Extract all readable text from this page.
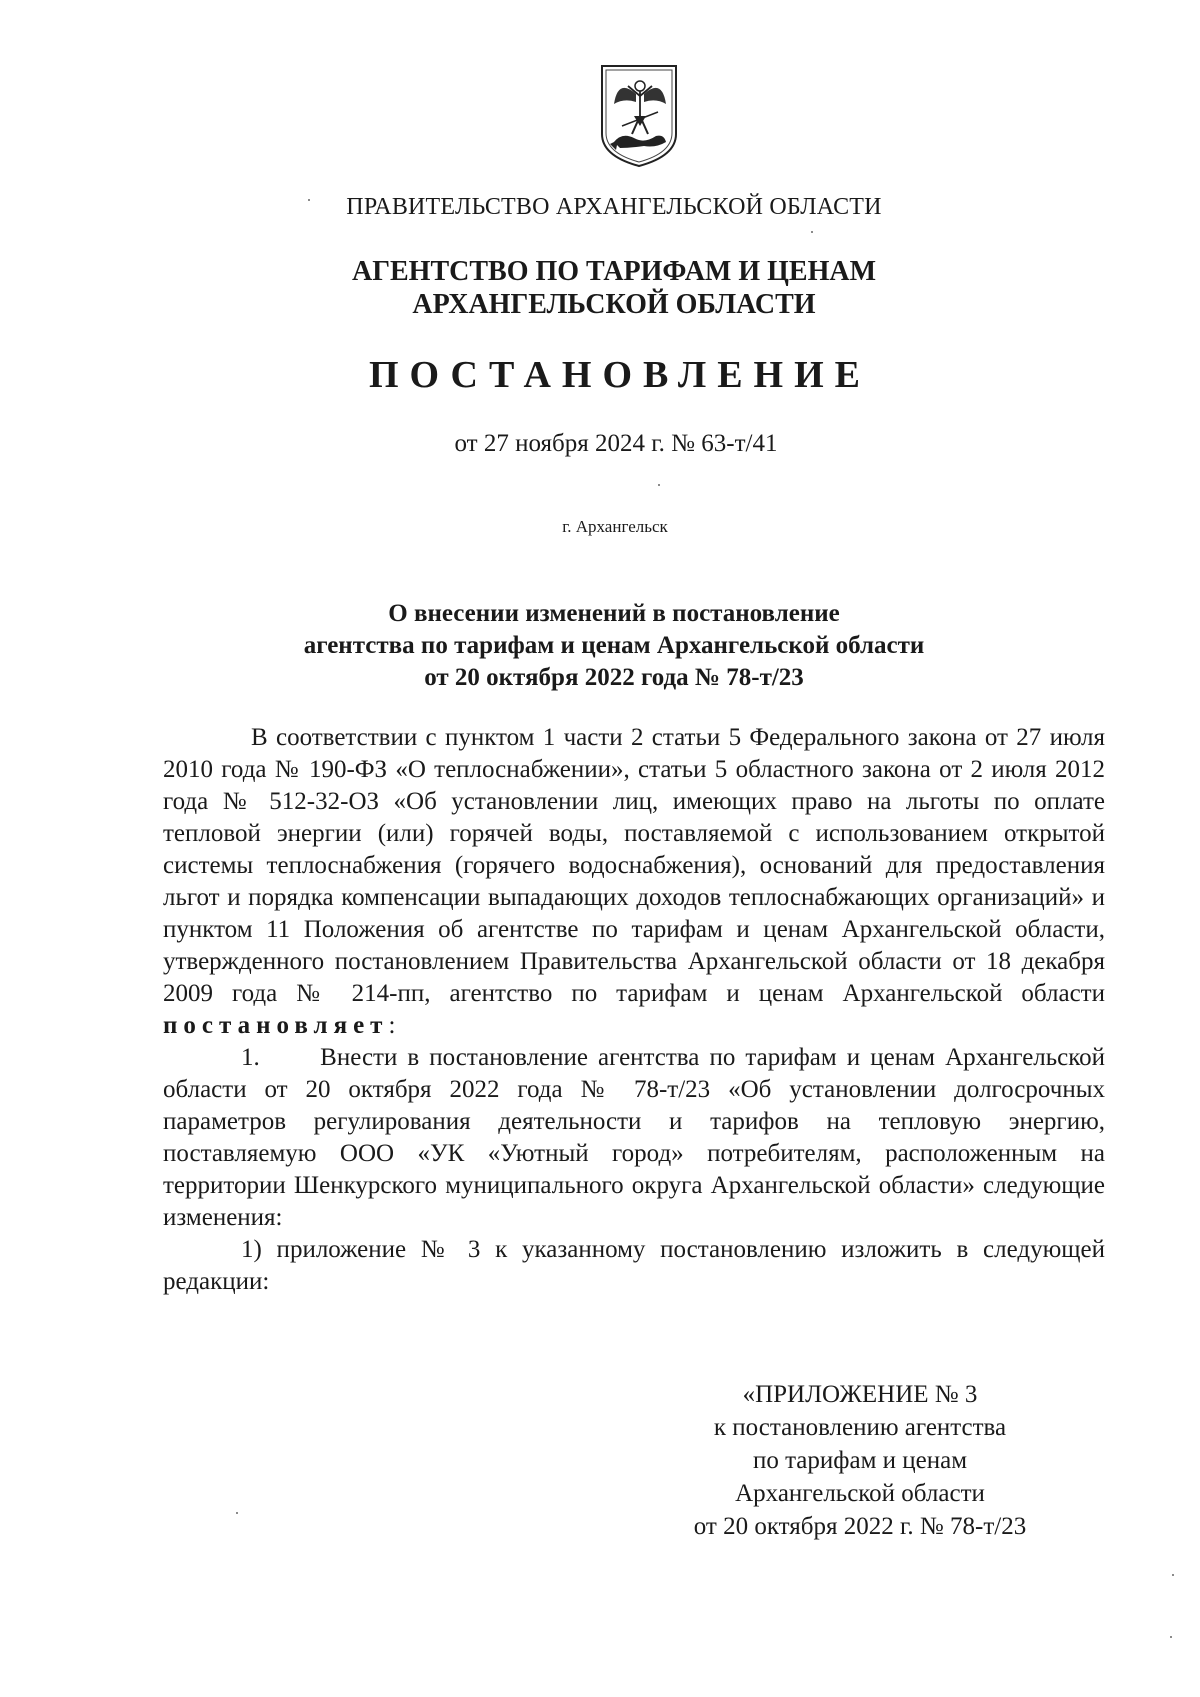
ПРАВИТЕЛЬСТВО АРХАНГЕЛЬСКОЙ ОБЛАСТИ
АГЕНТСТВО ПО ТАРИФАМ И ЦЕНАМ
АРХАНГЕЛЬСКОЙ ОБЛАСТИ
ПОСТАНОВЛЕНИЕ
от 27 ноября 2024 г. № 63-т/41
г. Архангельск
О внесении изменений в постановление
агентства по тарифам и ценам Архангельской области
от 20 октября 2022 года № 78-т/23

В соответствии с пунктом 1 части 2 статьи 5 Федерального закона от 27 июля 2010 года № 190-ФЗ «О теплоснабжении», статьи 5 областного закона от 2 июля 2012 года № 512-32-ОЗ «Об установлении лиц, имеющих право на льготы по оплате тепловой энергии (или) горячей воды, поставляемой с использованием открытой системы теплоснабжения (горячего водоснабжения), оснований для предоставления льгот и порядка компенсации выпадающих доходов теплоснабжающих организаций» и пунктом 11 Положения об агентстве по тарифам и ценам Архангельской области, утвержденного постановлением Правительства Архангельской области от 18 декабря 2009 года № 214-пп, агентство по тарифам и ценам Архангельской области постановляет:

1. Внести в постановление агентства по тарифам и ценам Архангельской области от 20 октября 2022 года № 78-т/23 «Об установлении долгосрочных параметров регулирования деятельности и тарифов на тепловую энергию, поставляемую ООО «УК «Уютный город» потребителям, расположенным на территории Шенкурского муниципального округа Архангельской области» следующие изменения:

1) приложение № 3 к указанному постановлению изложить в следующей редакции:

«ПРИЛОЖЕНИЕ № 3
к постановлению агентства
по тарифам и ценам
Архангельской области
от 20 октября 2022 г. № 78-т/23
